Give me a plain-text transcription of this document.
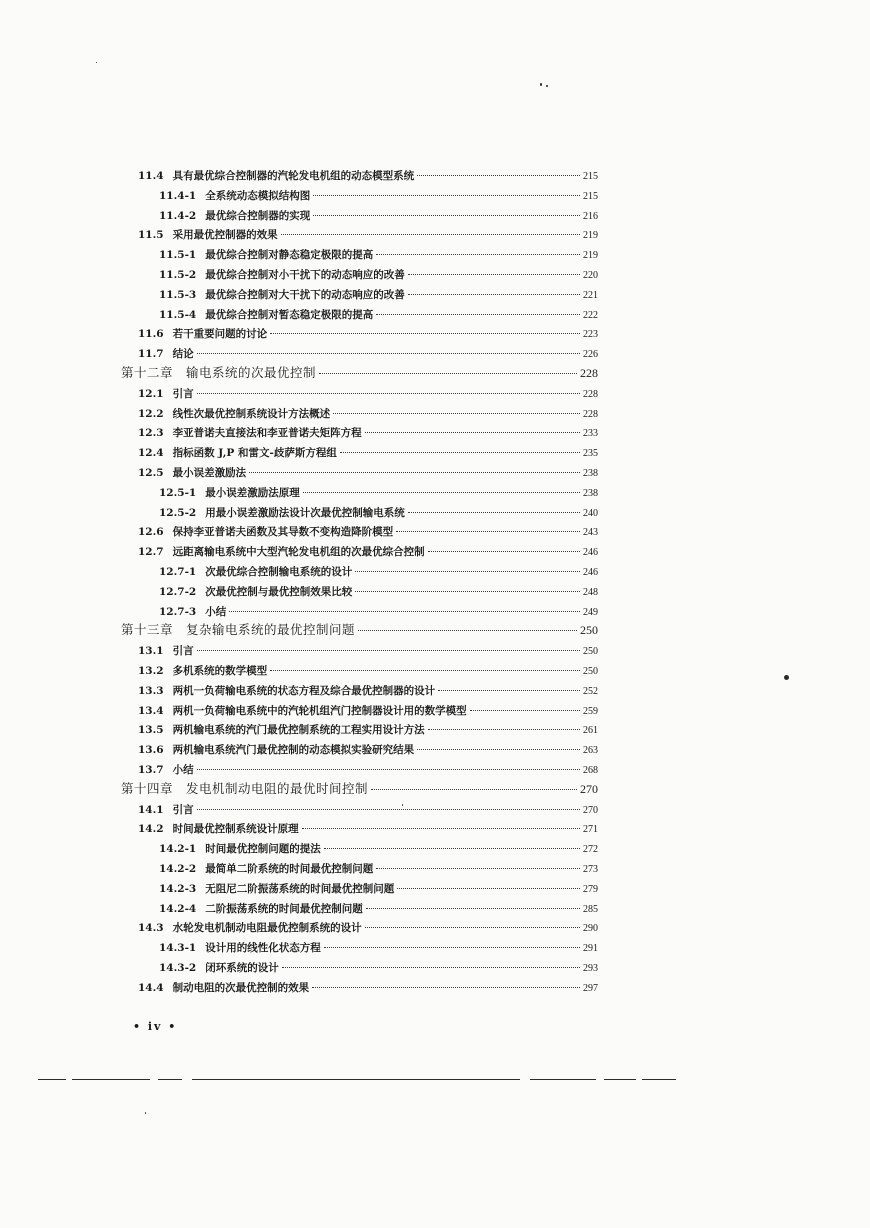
11.4 具有最优综合控制器的汽轮发电机组的动态模型系统	215
11.4-1 全系统动态模拟结构图	215
11.4-2 最优综合控制器的实现	216
11.5 采用最优控制器的效果	219
11.5-1 最优综合控制对静态稳定极限的提高	219
11.5-2 最优综合控制对小干扰下的动态响应的改善	220
11.5-3 最优综合控制对大干扰下的动态响应的改善	221
11.5-4 最优综合控制对暂态稳定极限的提高	222
11.6 若干重要问题的讨论	223
11.7 结论	226
第十二章 输电系统的次最优控制	228
12.1 引言	228
12.2 线性次最优控制系统设计方法概述	228
12.3 李亚普诺夫直接法和李亚普诺夫矩阵方程	233
12.4 指标函数 J,P 和雷文-歧萨斯方程组	235
12.5 最小误差激励法	238
12.5-1 最小误差激励法原理	238
12.5-2 用最小误差激励法设计次最优控制输电系统	240
12.6 保持李亚普诺夫函数及其导数不变构造降阶模型	243
12.7 远距离输电系统中大型汽轮发电机组的次最优综合控制	246
12.7-1 次最优综合控制输电系统的设计	246
12.7-2 次最优控制与最优控制效果比较	248
12.7-3 小结	249
第十三章 复杂输电系统的最优控制问题	250
13.1 引言	250
13.2 多机系统的数学模型	250
13.3 两机一负荷输电系统的状态方程及综合最优控制器的设计	252
13.4 两机一负荷输电系统中的汽轮机组汽门控制器设计用的数学模型	259
13.5 两机输电系统的汽门最优控制系统的工程实用设计方法	261
13.6 两机输电系统汽门最优控制的动态模拟实验研究结果	263
13.7 小结	268
第十四章 发电机制动电阻的最优时间控制	270
14.1 引言	270
14.2 时间最优控制系统设计原理	271
14.2-1 时间最优控制问题的提法	272
14.2-2 最简单二阶系统的时间最优控制问题	273
14.2-3 无阻尼二阶振荡系统的时间最优控制问题	279
14.2-4 二阶振荡系统的时间最优控制问题	285
14.3 水轮发电机制动电阻最优控制系统的设计	290
14.3-1 设计用的线性化状态方程	291
14.3-2 闭环系统的设计	293
14.4 制动电阻的次最优控制的效果	297
• iv •
